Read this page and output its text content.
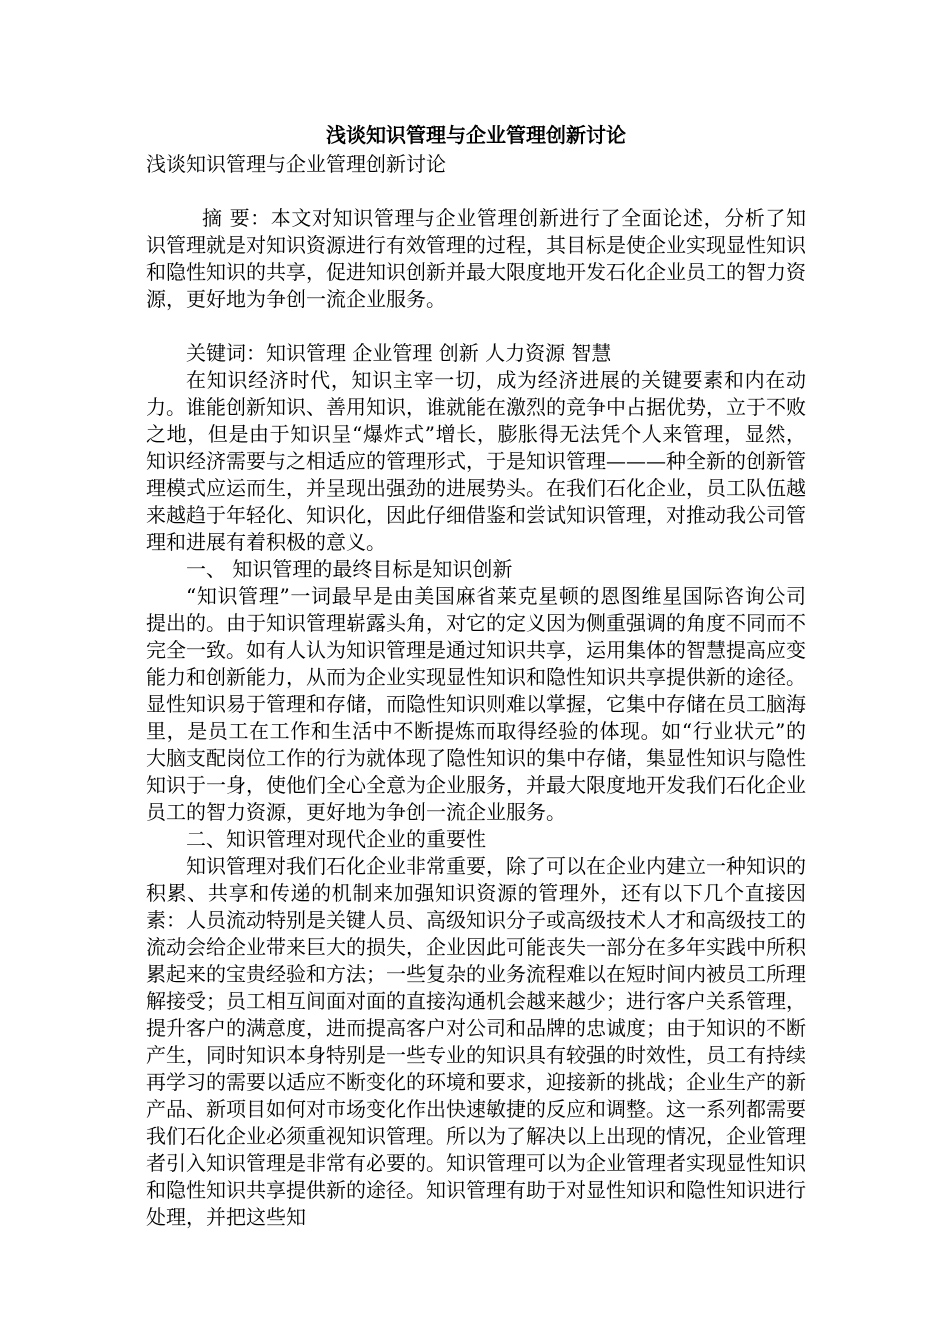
浅谈知识管理与企业管理创新讨论

浅谈知识管理与企业管理创新讨论

摘 要：本文对知识管理与企业管理创新进行了全面论述，分析了知识管理就是对知识资源进行有效管理的过程，其目标是使企业实现显性知识和隐性知识的共享，促进知识创新并最大限度地开发石化企业员工的智力资源，更好地为争创一流企业服务。

关键词：知识管理 企业管理 创新 人力资源 智慧

在知识经济时代，知识主宰一切，成为经济进展的关键要素和内在动力。谁能创新知识、善用知识，谁就能在激烈的竞争中占据优势，立于不败之地，但是由于知识呈“爆炸式”增长，膨胀得无法凭个人来管理，显然，知识经济需要与之相适应的管理形式，于是知识管理———种全新的创新管理模式应运而生，并呈现出强劲的进展势头。在我们石化企业，员工队伍越来越趋于年轻化、知识化，因此仔细借鉴和尝试知识管理，对推动我公司管理和进展有着积极的意义。

一、 知识管理的最终目标是知识创新

“知识管理”一词最早是由美国麻省莱克星顿的恩图维星国际咨询公司提出的。由于知识管理崭露头角，对它的定义因为侧重强调的角度不同而不完全一致。如有人认为知识管理是通过知识共享，运用集体的智慧提高应变能力和创新能力，从而为企业实现显性知识和隐性知识共享提供新的途径。显性知识易于管理和存储，而隐性知识则难以掌握，它集中存储在员工脑海里，是员工在工作和生活中不断提炼而取得经验的体现。如“行业状元”的大脑支配岗位工作的行为就体现了隐性知识的集中存储，集显性知识与隐性知识于一身，使他们全心全意为企业服务，并最大限度地开发我们石化企业员工的智力资源，更好地为争创一流企业服务。

二、知识管理对现代企业的重要性

知识管理对我们石化企业非常重要，除了可以在企业内建立一种知识的积累、共享和传递的机制来加强知识资源的管理外，还有以下几个直接因素：人员流动特别是关键人员、高级知识分子或高级技术人才和高级技工的流动会给企业带来巨大的损失，企业因此可能丧失一部分在多年实践中所积累起来的宝贵经验和方法；一些复杂的业务流程难以在短时间内被员工所理解接受；员工相互间面对面的直接沟通机会越来越少；进行客户关系管理，提升客户的满意度，进而提高客户对公司和品牌的忠诚度；由于知识的不断产生，同时知识本身特别是一些专业的知识具有较强的时效性，员工有持续再学习的需要以适应不断变化的环境和要求，迎接新的挑战；企业生产的新产品、新项目如何对市场变化作出快速敏捷的反应和调整。这一系列都需要我们石化企业必须重视知识管理。所以为了解决以上出现的情况，企业管理者引入知识管理是非常有必要的。知识管理可以为企业管理者实现显性知识和隐性知识共享提供新的途径。知识管理有助于对显性知识和隐性知识进行处理，并把这些知
